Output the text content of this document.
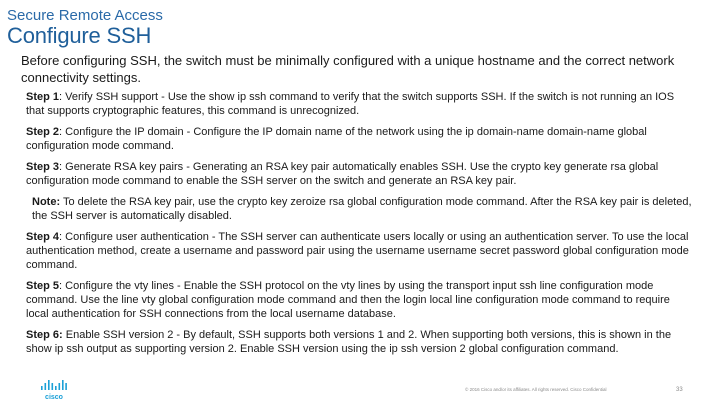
Secure Remote Access
Configure SSH
Before configuring SSH, the switch must be minimally configured with a unique hostname and the correct network connectivity settings.
Step 1: Verify SSH support - Use the show ip ssh command to verify that the switch supports SSH. If the switch is not running an IOS that supports cryptographic features, this command is unrecognized.
Step 2: Configure the IP domain - Configure the IP domain name of the network using the ip domain-name domain-name global configuration mode command.
Step 3: Generate RSA key pairs - Generating an RSA key pair automatically enables SSH. Use the crypto key generate rsa global configuration mode command to enable the SSH server on the switch and generate an RSA key pair.
Note: To delete the RSA key pair, use the crypto key zeroize rsa global configuration mode command. After the RSA key pair is deleted, the SSH server is automatically disabled.
Step 4: Configure user authentication - The SSH server can authenticate users locally or using an authentication server. To use the local authentication method, create a username and password pair using the username username secret password global configuration mode command.
Step 5: Configure the vty lines - Enable the SSH protocol on the vty lines by using the transport input ssh line configuration mode command. Use the line vty global configuration mode command and then the login local line configuration mode command to require local authentication for SSH connections from the local username database.
Step 6: Enable SSH version 2 - By default, SSH supports both versions 1 and 2. When supporting both versions, this is shown in the show ip ssh output as supporting version 2. Enable SSH version using the ip ssh version 2 global configuration command.
cisco
© 2016 Cisco and/or its affiliates. All rights reserved. Cisco Confidential	33
